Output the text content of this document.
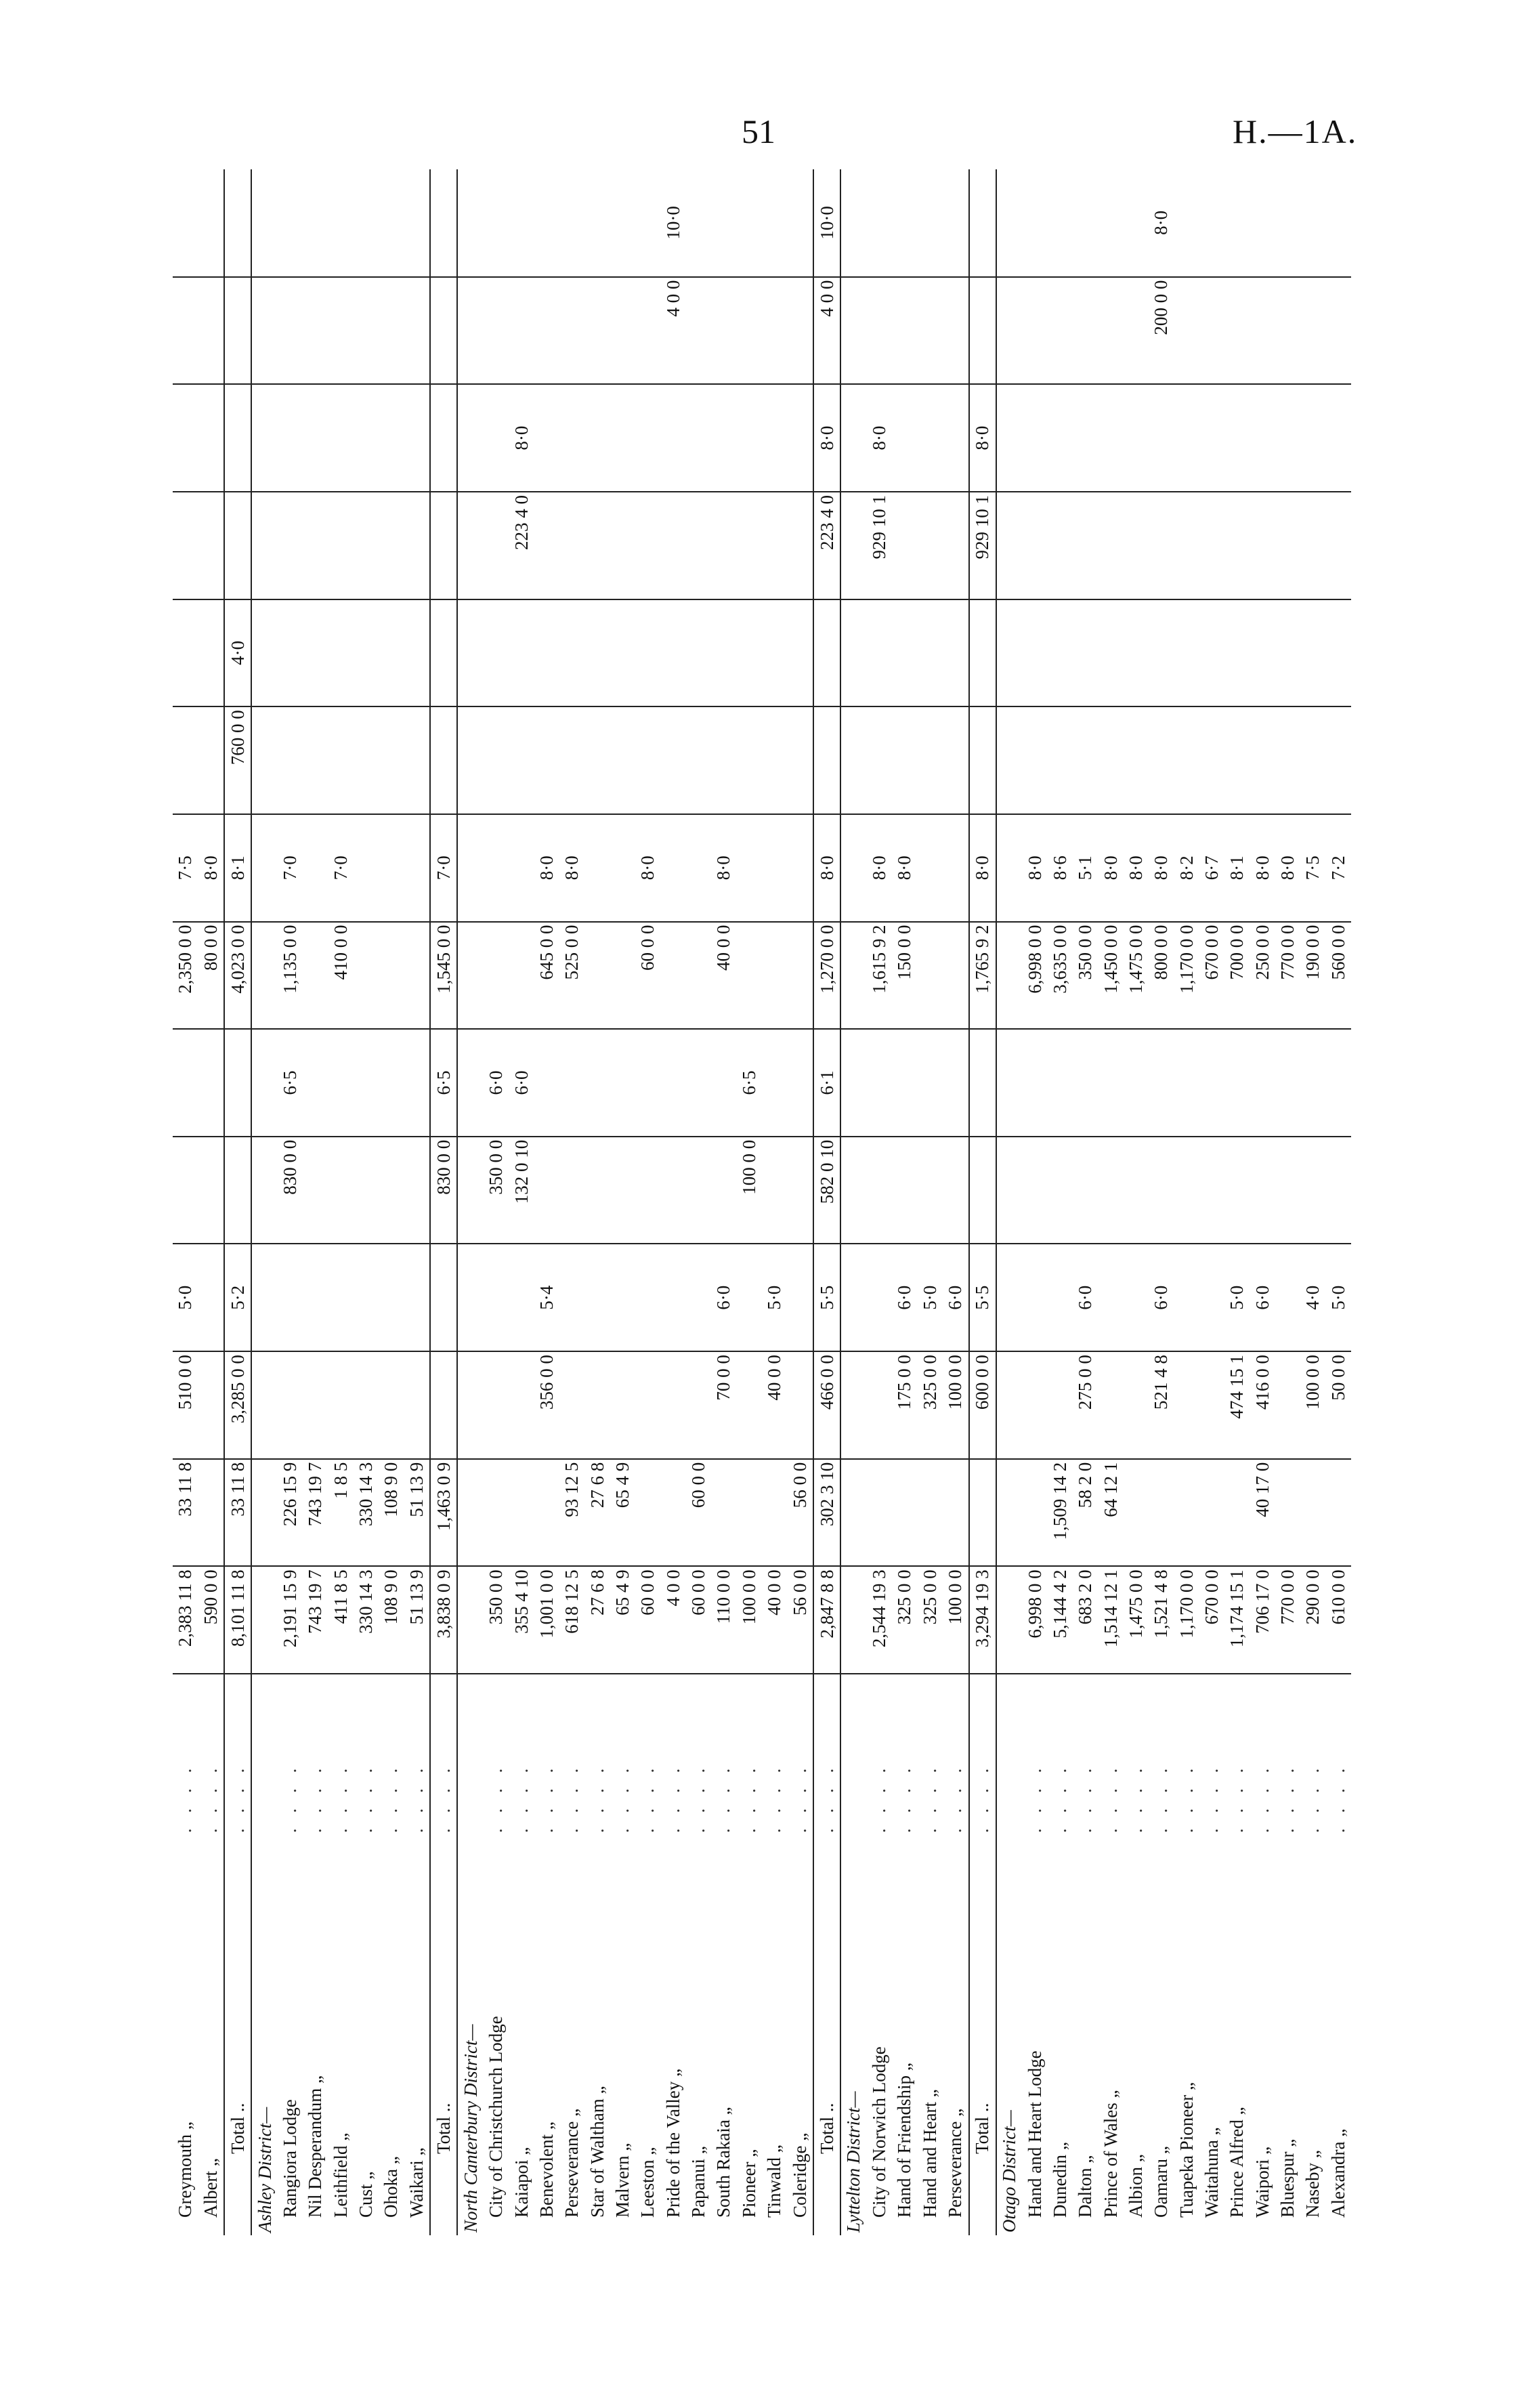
51	H.—1A.
Greymouth „	. . . .	2,383 11 8	33 11 8	510 0 0	5·0			2,350 0 0	7·5						
Albert „	. . . .	590 0 0						80 0 0	8·0						
Total ..	. . . .	8,101 11 8	33 11 8	3,285 0 0	5·2			4,023 0 0	8·1	760 0 0	4·0				
Ashley District—															
Rangiora Lodge	. . . .	2,191 15 9	226 15 9			830 0 0	6·5	1,135 0 0	7·0						
Nil Desperandum „	. . . .	743 19 7	743 19 7												
Leithfield „	. . . .	411 8 5	1 8 5					410 0 0	7·0						
Cust „	. . . .	330 14 3	330 14 3												
Ohoka „	. . . .	108 9 0	108 9 0												
Waikari „	. . . .	51 13 9	51 13 9												
Total ..	. . . .	3,838 0 9	1,463 0 9			830 0 0	6·5	1,545 0 0	7·0						
North Canterbury District—															
City of Christchurch Lodge	. . . .	350 0 0				350 0 0	6·0								
Kaiapoi „	. . . .	355 4 10				132 0 10	6·0					223 4 0	8·0		
Benevolent „	. . . .	1,001 0 0		356 0 0	5·4			645 0 0	8·0						
Perseverance „	. . . .	618 12 5	93 12 5					525 0 0	8·0						
Star of Waltham „	. . . .	27 6 8	27 6 8												
Malvern „	. . . .	65 4 9	65 4 9												
Leeston „	. . . .	60 0 0						60 0 0	8·0						
Pride of the Valley „	. . . .	4 0 0												4 0 0	10·0
Papanui „	. . . .	60 0 0	60 0 0												
South Rakaia „	. . . .	110 0 0		70 0 0	6·0			40 0 0	8·0						
Pioneer „	. . . .	100 0 0				100 0 0	6·5								
Tinwald „	. . . .	40 0 0		40 0 0	5·0										
Coleridge „	. . . .	56 0 0	56 0 0												
Total ..	. . . .	2,847 8 8	302 3 10	466 0 0	5·5	582 0 10	6·1	1,270 0 0	8·0			223 4 0	8·0	4 0 0	10·0
Lyttelton District—															
City of Norwich Lodge	. . . .	2,544 19 3						1,615 9 2	8·0			929 10 1	8·0		
Hand of Friendship „	. . . .	325 0 0		175 0 0	6·0			150 0 0	8·0						
Hand and Heart „	. . . .	325 0 0		325 0 0	5·0										
Perseverance „	. . . .	100 0 0		100 0 0	6·0										
Total ..	. . . .	3,294 19 3		600 0 0	5·5			1,765 9 2	8·0			929 10 1	8·0		
Otago District—															
Hand and Heart Lodge	. . . .	6,998 0 0						6,998 0 0	8·0						
Dunedin „	. . . .	5,144 4 2	1,509 14 2					3,635 0 0	8·6						
Dalton „	. . . .	683 2 0	58 2 0	275 0 0	6·0			350 0 0	5·1						
Prince of Wales „	. . . .	1,514 12 1	64 12 1					1,450 0 0	8·0						
Albion „	. . . .	1,475 0 0						1,475 0 0	8·0						
Oamaru „	. . . .	1,521 4 8		521 4 8	6·0			800 0 0	8·0					200 0 0	8·0
Tuapeka Pioneer „	. . . .	1,170 0 0						1,170 0 0	8·2						
Waitahuna „	. . . .	670 0 0						670 0 0	6·7						
Prince Alfred „	. . . .	1,174 15 1		474 15 1	5·0			700 0 0	8·1						
Waipori „	. . . .	706 17 0	40 17 0	416 0 0	6·0			250 0 0	8·0						
Bluespur „	. . . .	770 0 0						770 0 0	8·0						
Naseby „	. . . .	290 0 0		100 0 0	4·0			190 0 0	7·5						
Alexandra „	. . . .	610 0 0		50 0 0	5·0			560 0 0	7·2						
